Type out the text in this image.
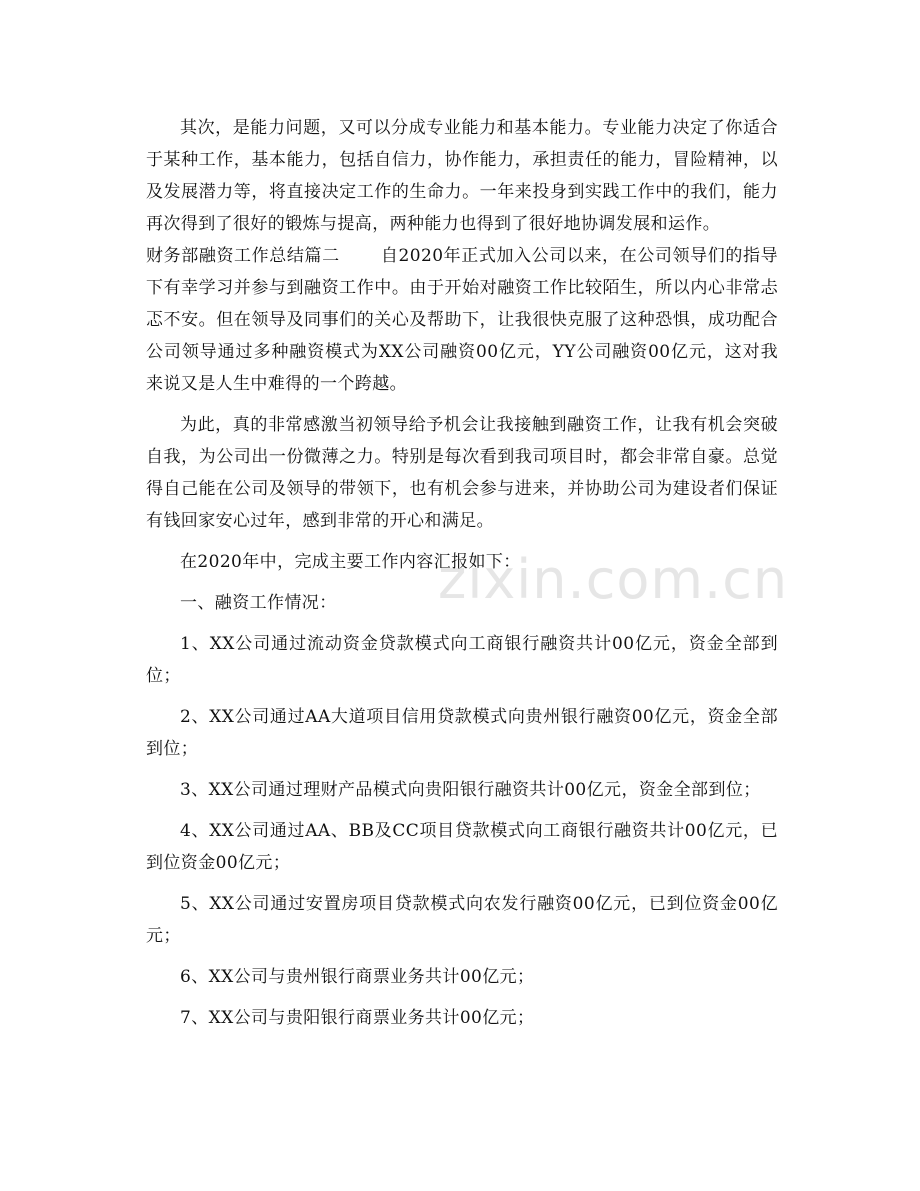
zixin.com.cn

其次，是能力问题，又可以分成专业能力和基本能力。专业能力决定了你适合于某种工作，基本能力，包括自信力，协作能力，承担责任的能力，冒险精神，以及发展潜力等，将直接决定工作的生命力。一年来投身到实践工作中的我们，能力再次得到了很好的锻炼与提高，两种能力也得到了很好地协调发展和运作。

财务部融资工作总结篇二　　 自2020年正式加入公司以来，在公司领导们的指导下有幸学习并参与到融资工作中。由于开始对融资工作比较陌生，所以内心非常忐忑不安。但在领导及同事们的关心及帮助下，让我很快克服了这种恐惧，成功配合公司领导通过多种融资模式为XX公司融资00亿元，YY公司融资00亿元，这对我来说又是人生中难得的一个跨越。

为此，真的非常感激当初领导给予机会让我接触到融资工作，让我有机会突破自我，为公司出一份微薄之力。特别是每次看到我司项目时，都会非常自豪。总觉得自己能在公司及领导的带领下，也有机会参与进来，并协助公司为建设者们保证有钱回家安心过年，感到非常的开心和满足。

在2020年中，完成主要工作内容汇报如下：

一、融资工作情况：

1、XX公司通过流动资金贷款模式向工商银行融资共计00亿元，资金全部到位；

2、XX公司通过AA大道项目信用贷款模式向贵州银行融资00亿元，资金全部到位；

3、XX公司通过理财产品模式向贵阳银行融资共计00亿元，资金全部到位；

4、XX公司通过AA、BB及CC项目贷款模式向工商银行融资共计00亿元，已到位资金00亿元；

5、XX公司通过安置房项目贷款模式向农发行融资00亿元，已到位资金00亿元；

6、XX公司与贵州银行商票业务共计00亿元；

7、XX公司与贵阳银行商票业务共计00亿元；
